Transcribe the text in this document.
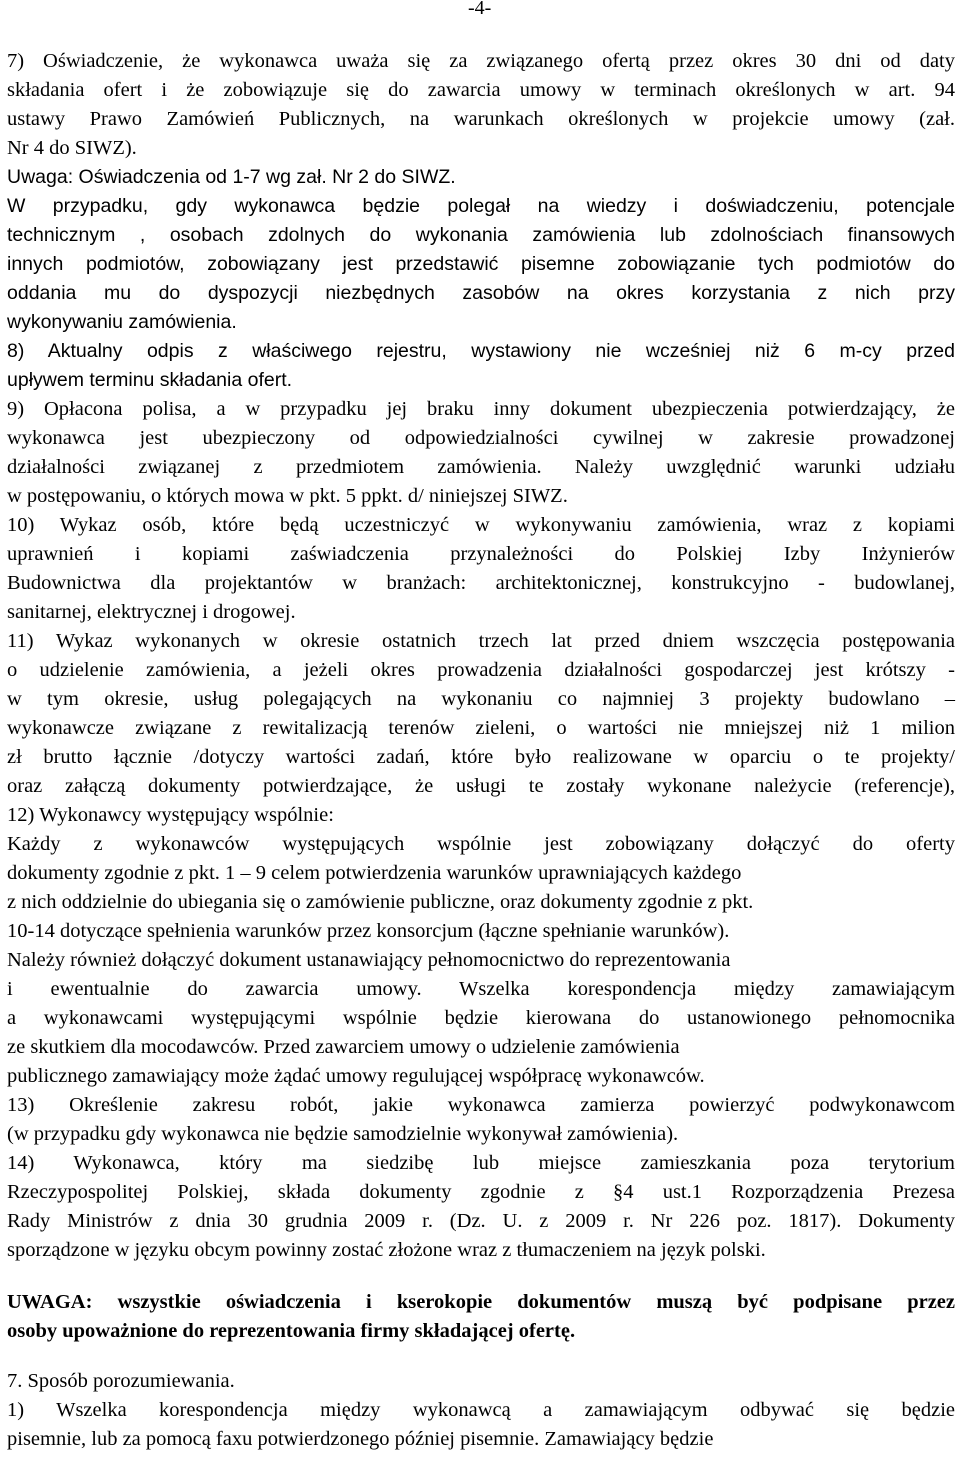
-4-
7) Oświadczenie, że wykonawca uważa się za związanego ofertą przez okres 30 dni od daty
składania ofert i że zobowiązuje się do zawarcia umowy w terminach określonych w art. 94
ustawy Prawo Zamówień Publicznych, na warunkach określonych w projekcie umowy (zał.
Nr 4 do SIWZ).
Uwaga: Oświadczenia od 1-7 wg zał. Nr 2 do SIWZ.
W przypadku, gdy wykonawca będzie polegał na wiedzy i doświadczeniu, potencjale
technicznym , osobach zdolnych do wykonania zamówienia lub zdolnościach finansowych
innych podmiotów, zobowiązany jest przedstawić pisemne zobowiązanie tych podmiotów do
oddania mu do dyspozycji niezbędnych zasobów na okres korzystania z nich przy
wykonywaniu zamówienia.
8) Aktualny odpis z właściwego rejestru, wystawiony nie wcześniej niż 6 m-cy przed
upływem terminu składania ofert.
9) Opłacona polisa, a w przypadku jej braku inny dokument ubezpieczenia potwierdzający, że
wykonawca jest ubezpieczony od odpowiedzialności cywilnej w zakresie prowadzonej
działalności związanej z przedmiotem zamówienia. Należy uwzględnić warunki udziału
w postępowaniu, o których mowa w pkt. 5 ppkt. d/ niniejszej SIWZ.
10) Wykaz osób, które będą uczestniczyć w wykonywaniu zamówienia, wraz z kopiami
uprawnień i kopiami zaświadczenia przynależności do Polskiej Izby Inżynierów
Budownictwa dla projektantów w branżach: architektonicznej, konstrukcyjno - budowlanej,
sanitarnej, elektrycznej i drogowej.
11) Wykaz wykonanych w okresie ostatnich trzech lat przed dniem wszczęcia postępowania
o udzielenie zamówienia, a jeżeli okres prowadzenia działalności gospodarczej jest krótszy -
w tym okresie, usług polegających na wykonaniu co najmniej 3 projekty budowlano –
wykonawcze związane z rewitalizacją terenów zieleni, o wartości nie mniejszej niż 1 milion
zł brutto łącznie /dotyczy wartości zadań, które było realizowane w oparciu o te projekty/
oraz załączą dokumenty potwierdzające, że usługi te zostały wykonane należycie (referencje),
12) Wykonawcy występujący wspólnie:
Każdy z wykonawców występujących wspólnie jest zobowiązany dołączyć do oferty
dokumenty zgodnie z pkt. 1 – 9 celem potwierdzenia warunków uprawniających każdego
z nich oddzielnie do ubiegania się o zamówienie publiczne, oraz dokumenty zgodnie z pkt.
10-14 dotyczące spełnienia warunków przez konsorcjum (łączne spełnianie warunków).
Należy również dołączyć dokument ustanawiający pełnomocnictwo do reprezentowania
i ewentualnie do zawarcia umowy. Wszelka korespondencja między zamawiającym
a wykonawcami występującymi wspólnie będzie kierowana do ustanowionego pełnomocnika
ze skutkiem dla mocodawców. Przed zawarciem umowy o udzielenie zamówienia
publicznego zamawiający może żądać umowy regulującej współpracę wykonawców.
13) Określenie zakresu robót, jakie wykonawca zamierza powierzyć podwykonawcom
(w przypadku gdy wykonawca nie będzie samodzielnie wykonywał zamówienia).
14) Wykonawca, który ma siedzibę lub miejsce zamieszkania poza terytorium
Rzeczypospolitej Polskiej, składa dokumenty zgodnie z §4 ust.1 Rozporządzenia Prezesa
Rady Ministrów z dnia 30 grudnia 2009 r. (Dz. U. z 2009 r. Nr 226 poz. 1817). Dokumenty
sporządzone w języku obcym powinny zostać złożone wraz z tłumaczeniem na język polski.
UWAGA: wszystkie oświadczenia i kserokopie dokumentów muszą być podpisane przez
osoby upoważnione do reprezentowania firmy składającej ofertę.
7. Sposób porozumiewania.
1) Wszelka korespondencja między wykonawcą a zamawiającym odbywać się będzie
pisemnie, lub za pomocą faxu potwierdzonego później pisemnie. Zamawiający będzie
